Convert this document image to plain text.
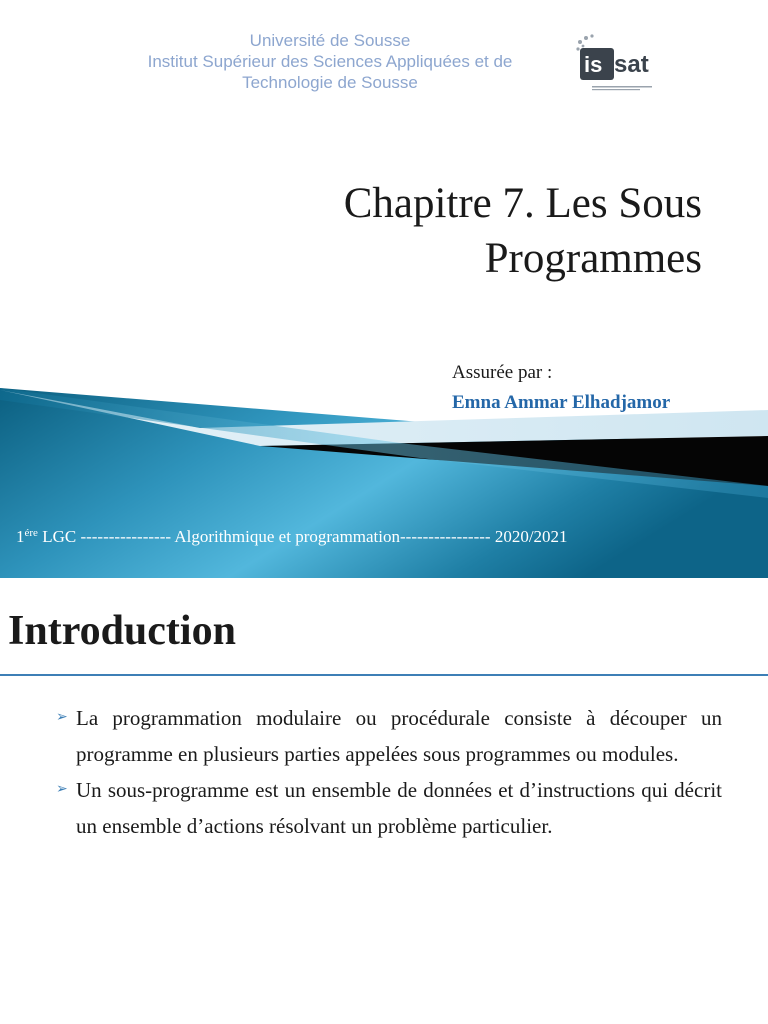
Université de Sousse
Institut Supérieur des Sciences Appliquées et de
Technologie de Sousse
is sat
SOUSSE
Chapitre 7. Les Sous
Programmes
Assurée par :
Emna Ammar Elhadjamor
$1^{ére}$ LGC ---------------- Algorithmique et programmation---------------- 2020/2021
Introduction
➢ La programmation modulaire ou procédurale consiste à découper un programme en plusieurs parties appelées sous programmes ou modules.
➢ Un sous-programme est un ensemble de données et d’instructions qui décrit un ensemble d’actions résolvant un problème particulier.
